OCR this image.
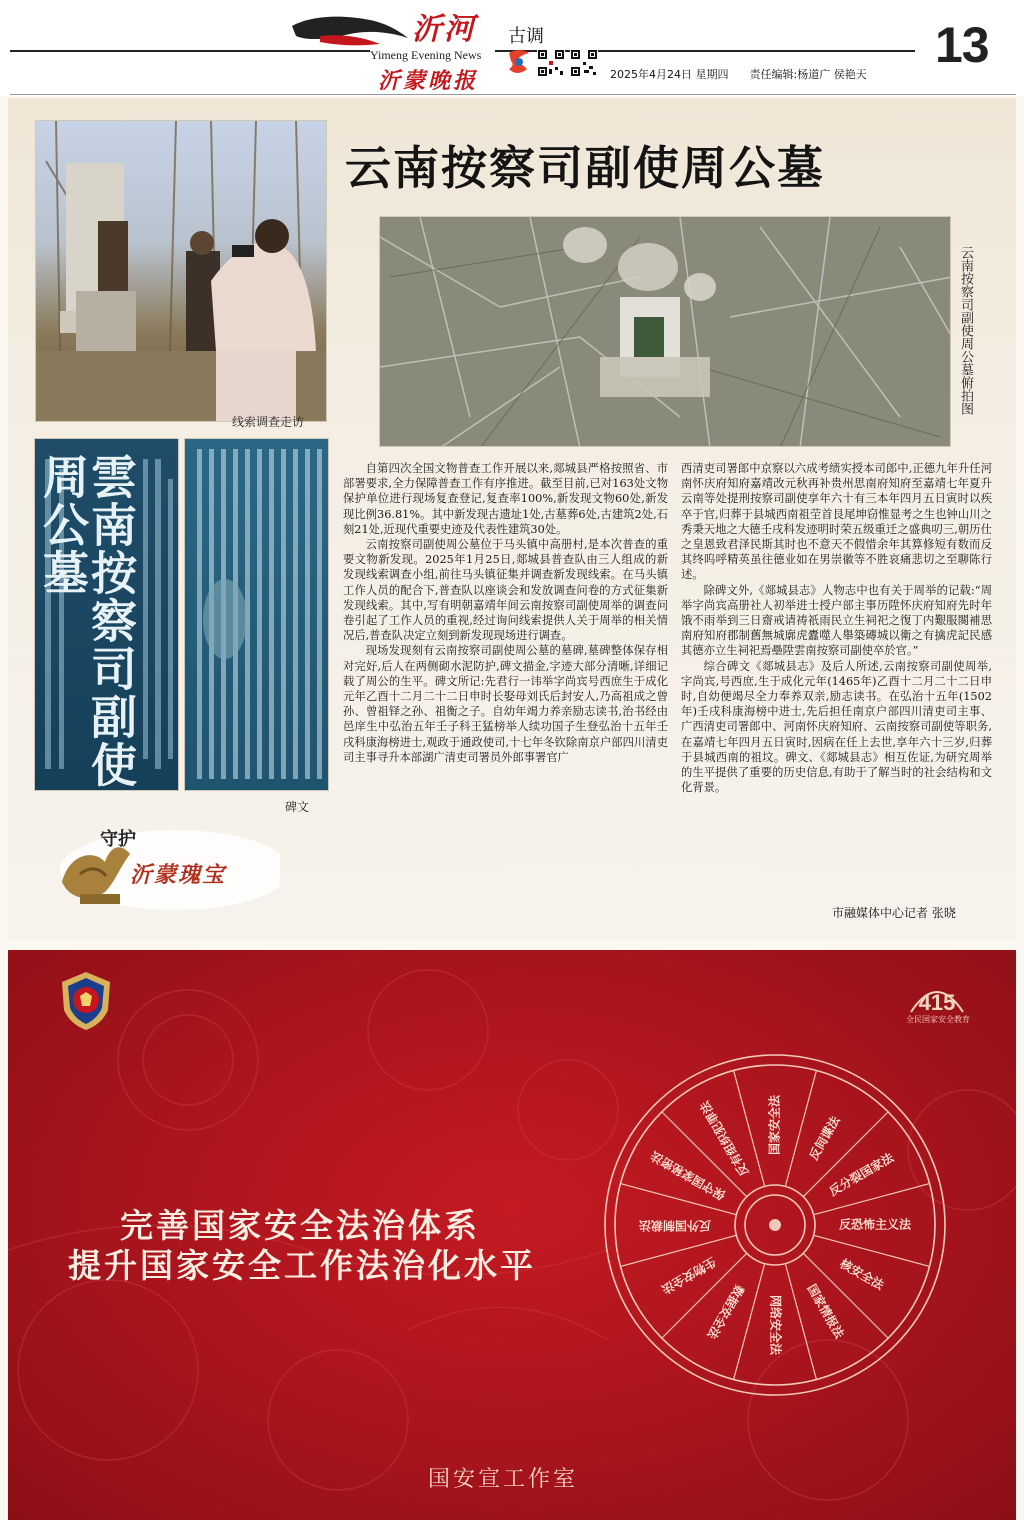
沂河
Yimeng Evening News
沂蒙晚报
古调
2025年4月24日 星期四 责任编辑:杨道广 侯艳天
13
云南按察司副使周公墓
线索调查走访
云南按察司副使周公墓俯拍图
雲南按察司副使周公墓
碑文
守护
沂蒙瑰宝

自第四次全国文物普查工作开展以来,郯城县严格按照省、市部署要求,全力保障普查工作有序推进。截至目前,已对163处文物保护单位进行现场复查登记,复查率100%,新发现文物60处,新发现比例36.81%。其中新发现古遗址1处,古墓葬6处,古建筑2处,石刻21处,近现代重要史迹及代表性建筑30处。

云南按察司副使周公墓位于马头镇中高册村,是本次普查的重要文物新发现。2025年1月25日,郯城县普查队由三人组成的新发现线索调查小组,前往马头镇征集并调查新发现线索。在马头镇工作人员的配合下,普查队以座谈会和发放调查问卷的方式征集新发现线索。其中,写有明朝嘉靖年间云南按察司副使周举的调查问卷引起了工作人员的重视,经过询问线索提供人关于周举的相关情况后,普查队决定立刻到新发现现场进行调查。

现场发现刻有云南按察司副使周公墓的墓碑,墓碑整体保存相对完好,后人在两侧砌水泥防护,碑文描金,字迹大部分清晰,详细记载了周公的生平。碑文所记:先君行一讳举字尚宾号西庶生于成化元年乙酉十二月二十二日申时长娶母刘氏后封安人,乃高祖成之曾孙、曾祖铎之孙、祖衡之子。自幼年竭力养亲励志读书,治书经由邑庠生中弘治五年壬子科王猛榜举人续功国子生登弘治十五年壬戌科康海榜进士,观政于通政使司,十七年冬钦除南京户部四川清吏司主事寻升本部湖广清吏司署员外郎事署官广

西清吏司署郎中京察以六成考绩实授本司郎中,正德九年升任河南怀庆府知府嘉靖改元秋再补贵州思南府知府至嘉靖七年夏升云南等处提刑按察司副使享年六十有三本年四月五日寅时以疾卒于官,归葬于县城西南祖茔首艮尾坤窃惟显考之生也钟山川之秀秉天地之大德壬戌科发迹明时荣五级重迁之盛典叨三,朝历仕之皇恩致君泽民斯其时也不意天不假惜余年其算修短有数而反其终呜呼精英虽往德业如在男崇徽等不胜哀痛悲切之至聊陈行述。

除碑文外,《郯城县志》人物志中也有关于周举的记载:“周举字尚宾高册社人初举进士授户部主事历陞怀庆府知府先时年饿不雨举到三日齋戒请祷祇雨民立生祠祀之復丁内艱服闋補思南府知府郡制舊無城廓虎蠹噬人舉築磚城以衛之有擒虎記民感其德亦立生祠祀焉壘陞雲南按察司副使卒於官。”

综合碑文《郯城县志》及后人所述,云南按察司副使周举,字尚宾,号西庶,生于成化元年(1465年)乙酉十二月二十二日申时,自幼便竭尽全力奉养双亲,励志读书。在弘治十五年(1502年)壬戌科康海榜中进士,先后担任南京户部四川清吏司主事、广西清吏司署郎中、河南怀庆府知府、云南按察司副使等职务,在嘉靖七年四月五日寅时,因病在任上去世,享年六十三岁,归葬于县城西南的祖坟。碑文、《郯城县志》相互佐证,为研究周举的生平提供了重要的历史信息,有助于了解当时的社会结构和文化背景。

市融媒体中心记者 张晓
415
全民国家安全教育
国家安全法 反间谍法
反分裂国家法
反恐怖主义法
核安全法
国家情报法
网络安全法
数据安全法
生物安全法
反外国制裁法
保守国家秘密法
反有组织犯罪法
完善国家安全法治体系
提升国家安全工作法治化水平
国安宣工作室
